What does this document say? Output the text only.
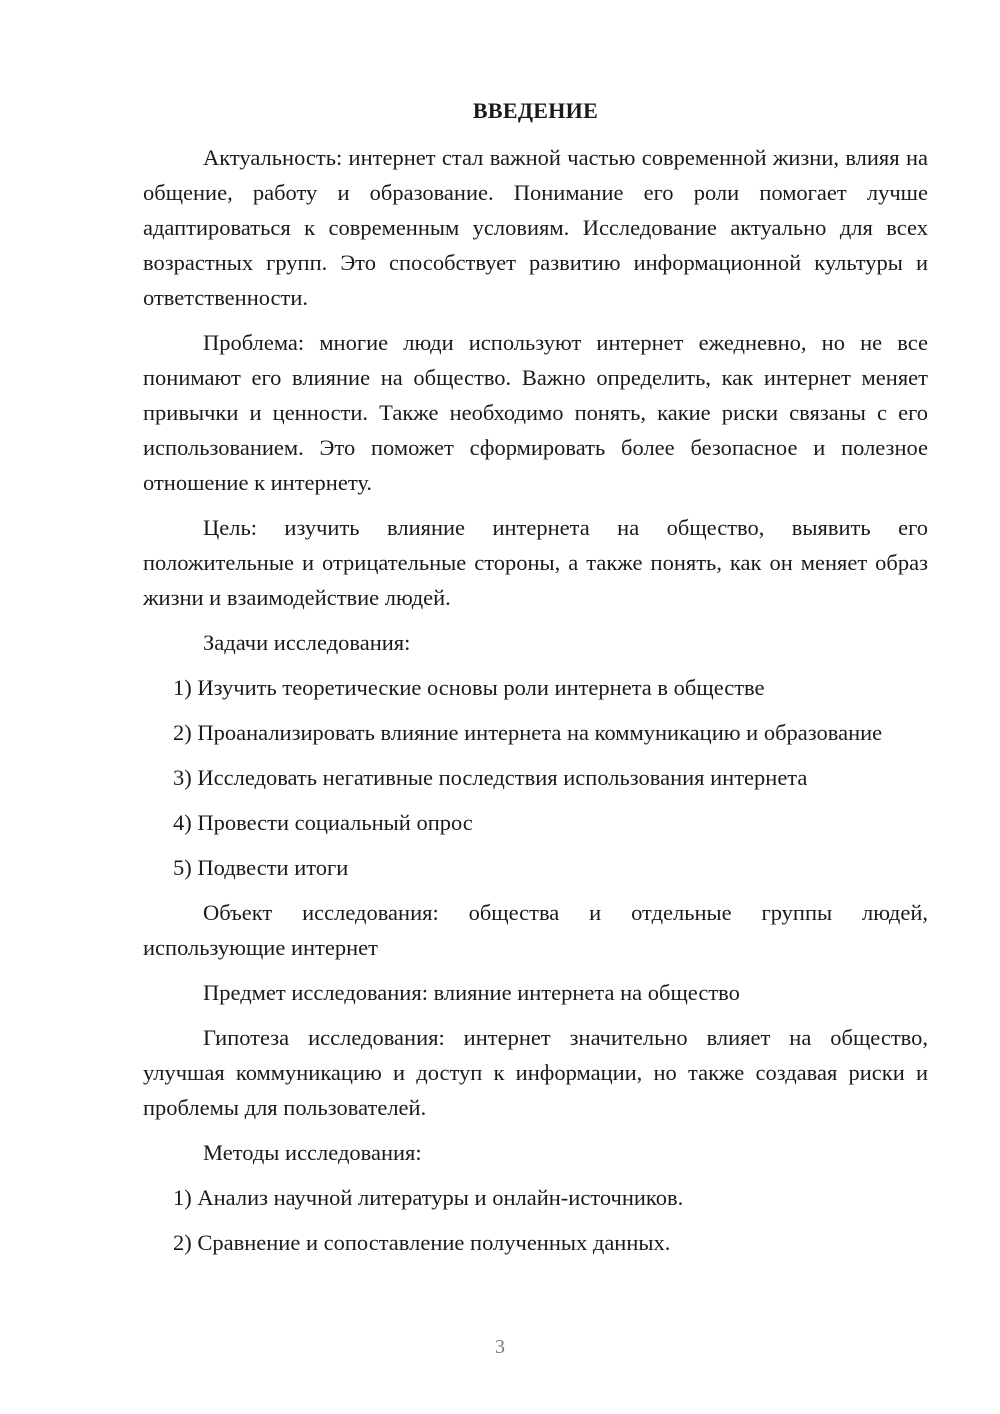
ВВЕДЕНИЕ

Актуальность: интернет стал важной частью современной жизни, влияя на общение, работу и образование. Понимание его роли помогает лучше адаптироваться к современным условиям. Исследование актуально для всех возрастных групп. Это способствует развитию информационной культуры и ответственности.

Проблема: многие люди используют интернет ежедневно, но не все понимают его влияние на общество. Важно определить, как интернет меняет привычки и ценности. Также необходимо понять, какие риски связаны с его использованием. Это поможет сформировать более безопасное и полезное отношение к интернету.

Цель: изучить влияние интернета на общество, выявить его положительные и отрицательные стороны, а также понять, как он меняет образ жизни и взаимодействие людей.

Задачи исследования:

1) Изучить теоретические основы роли интернета в обществе

2) Проанализировать влияние интернета на коммуникацию и образование

3) Исследовать негативные последствия использования интернета

4) Провести социальный опрос

5) Подвести итоги

Объект исследования: общества и отдельные группы людей, использующие интернет

Предмет исследования: влияние интернета на общество

Гипотеза исследования: интернет значительно влияет на общество, улучшая коммуникацию и доступ к информации, но также создавая риски и проблемы для пользователей.

Методы исследования:

1) Анализ научной литературы и онлайн-источников.

2) Сравнение и сопоставление полученных данных.

3
